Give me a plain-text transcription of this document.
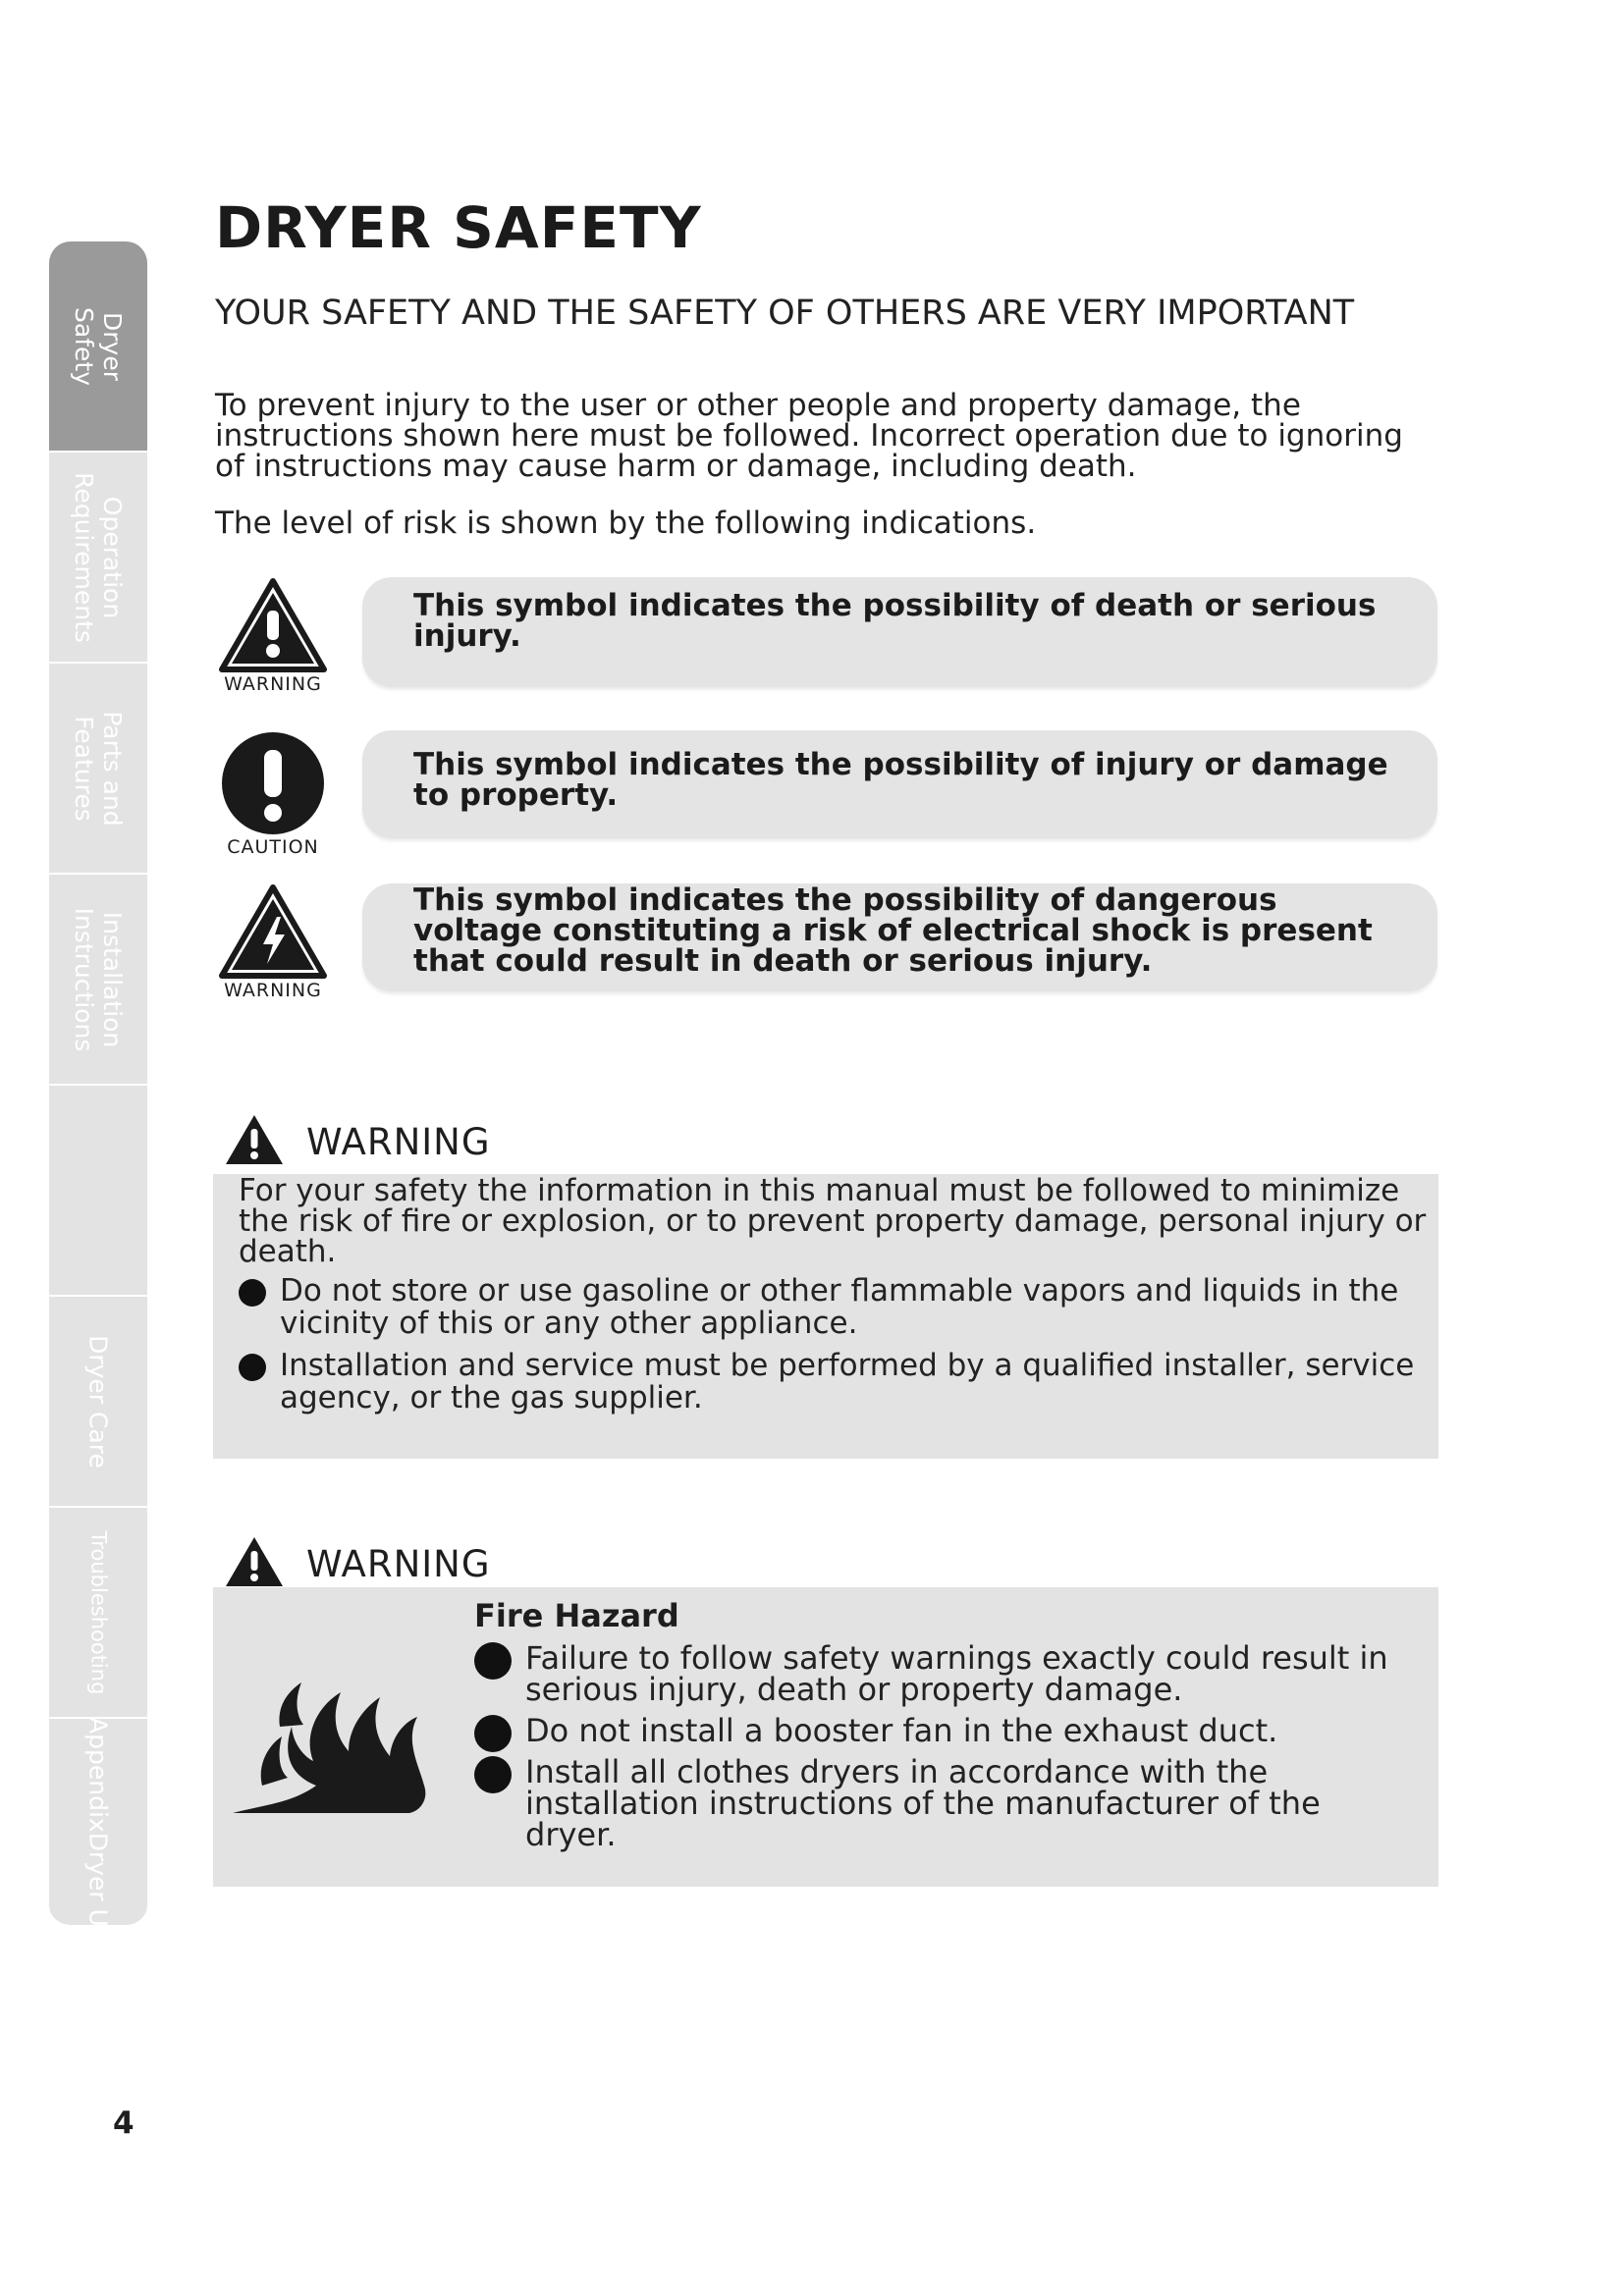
Dryer
Safety
Operation
Requirements
Parts and
Features
Installation
Instructions
Dryer Care
Troubleshooting
AppendixDryer U
DRYER SAFETY
YOUR SAFETY AND THE SAFETY OF OTHERS ARE VERY IMPORTANT

To prevent injury to the user or other people and property damage, the instructions shown here must be followed. Incorrect operation due to ignoring of instructions may cause harm or damage, including death.

The level of risk is shown by the following indications.

WARNING
This symbol indicates the possibility of death or serious injury.
CAUTION
This symbol indicates the possibility of injury or damage to property.
WARNING
This symbol indicates the possibility of dangerous voltage constituting a risk of electrical shock is present that could result in death or serious injury.
WARNING

For your safety the information in this manual must be followed to minimize the risk of fire or explosion, or to prevent property damage, personal injury or death.

Do not store or use gasoline or other flammable vapors and liquids in the vicinity of this or any other appliance.
Installation and service must be performed by a qualified installer, service agency, or the gas supplier.
WARNING

Fire Hazard

Failure to follow safety warnings exactly could result in serious injury, death or property damage.
Do not install a booster fan in the exhaust duct.
Install all clothes dryers in accordance with the installation instructions of the manufacturer of the dryer.
4
